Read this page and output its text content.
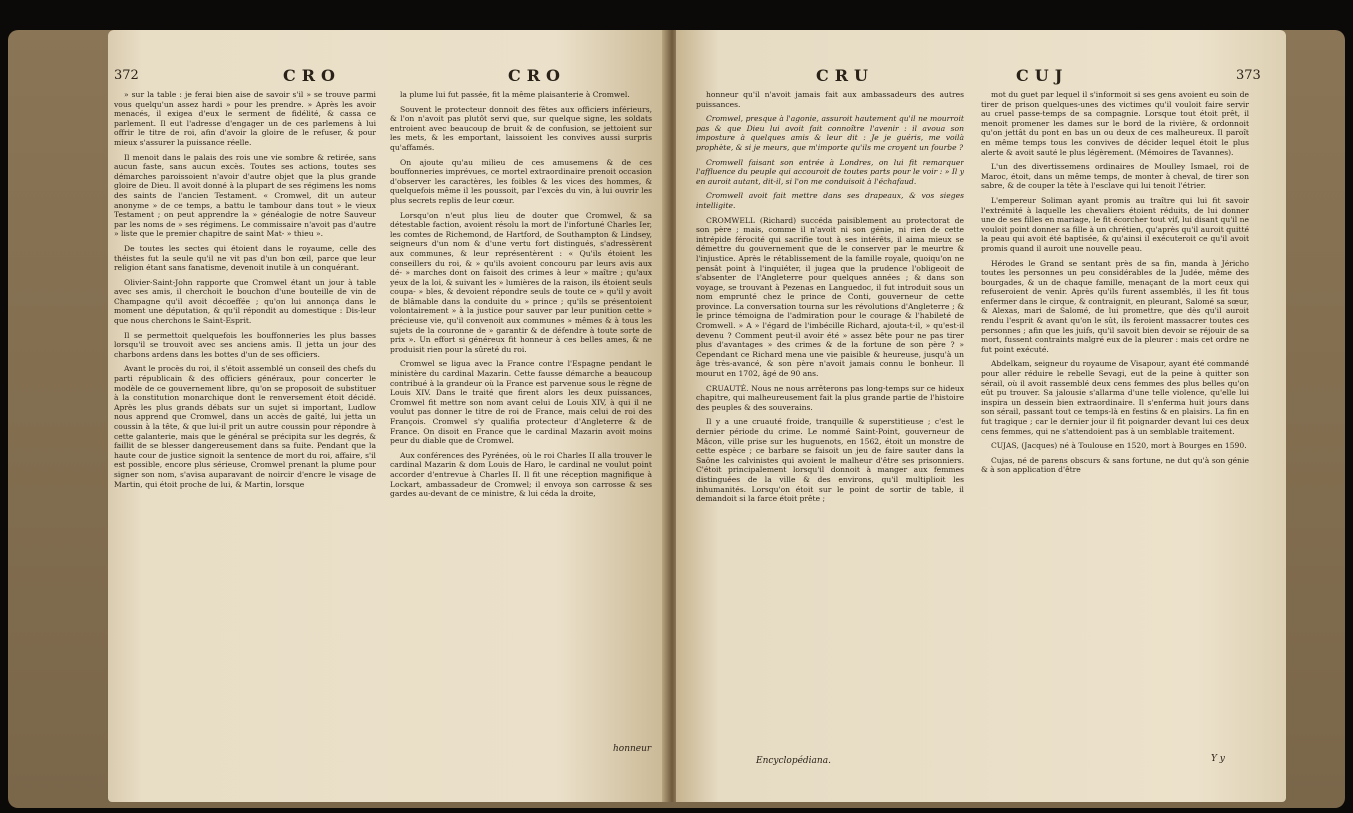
372	CRO	CRO

» sur la table : je ferai bien aise de savoir s'il » se trouve parmi vous quelqu'un assez hardi » pour les prendre. » Après les avoir menacés, il exigea d'eux le serment de fidélité, & cassa ce parlement. Il eut l'adresse d'engager un de ces parlemens à lui offrir le titre de roi, afin d'avoir la gloire de le refuser, & pour mieux s'assurer la puissance réelle.

Il menoit dans le palais des rois une vie sombre & retirée, sans aucun faste, sans aucun excès. Toutes ses actions, toutes ses démarches paroissoient n'avoir d'autre objet que la plus grande gloire de Dieu. Il avoit donné à la plupart de ses régimens les noms des saints de l'ancien Testament. « Cromwel, dit un auteur anonyme » de ce temps, a battu le tambour dans tout » le vieux Testament ; on peut apprendre la » généalogie de notre Sauveur par les noms de » ses régimens. Le commissaire n'avoit pas d'autre » liste que le premier chapitre de saint Mat- » thieu ».

De toutes les sectes qui étoient dans le royaume, celle des théistes fut la seule qu'il ne vit pas d'un bon œil, parce que leur religion étant sans fanatisme, devenoit inutile à un conquérant.

Olivier-Saint-John rapporte que Cromwel étant un jour à table avec ses amis, il cherchoit le bouchon d'une bouteille de vin de Champagne qu'il avoit décoeffée ; qu'on lui annonça dans le moment une députation, & qu'il répondit au domestique : Dis-leur que nous cherchons le Saint-Esprit.

Il se permettoit quelquefois les bouffonneries les plus basses lorsqu'il se trouvoit avec ses anciens amis. Il jetta un jour des charbons ardens dans les bottes d'un de ses officiers.

Avant le procès du roi, il s'étoit assemblé un conseil des chefs du parti républicain & des officiers généraux, pour concerter le modèle de ce gouvernement libre, qu'on se proposoit de substituer à la constitution monarchique dont le renversement étoit décidé. Après les plus grands débats sur un sujet si important, Ludlow nous apprend que Cromwel, dans un accès de gaîté, lui jetta un coussin à la tête, & que lui-il prit un autre coussin pour répondre à cette galanterie, mais que le général se précipita sur les degrés, & faillit de se blesser dangereusement dans sa fuite. Pendant que la haute cour de justice signoit la sentence de mort du roi, affaire, s'il est possible, encore plus sérieuse, Cromwel prenant la plume pour signer son nom, s'avisa auparavant de noircir d'encre le visage de Martin, qui étoit proche de lui, & Martin, lorsque

la plume lui fut passée, fit la même plaisanterie à Cromwel.

Souvent le protecteur donnoit des fêtes aux officiers inférieurs, & l'on n'avoit pas plutôt servi que, sur quelque signe, les soldats entroient avec beaucoup de bruit & de confusion, se jettoient sur les mets, & les emportant, laissoient les convives aussi surpris qu'affamés.

On ajoute qu'au milieu de ces amusemens & de ces bouffonneries imprévues, ce mortel extraordinaire prenoit occasion d'observer les caractères, les foibles & les vices des hommes, & quelquefois même il les poussoit, par l'excès du vin, à lui ouvrir les plus secrets replis de leur cœur.

Lorsqu'on n'eut plus lieu de douter que Cromwel, & sa détestable faction, avoient résolu la mort de l'infortuné Charles Ier, les comtes de Richemond, de Hartford, de Southampton & Lindsey, seigneurs d'un nom & d'une vertu fort distingués, s'adressèrent aux communes, & leur représentèrent : « Qu'ils étoient les conseillers du roi, & » qu'ils avoient concouru par leurs avis aux dé- » marches dont on faisoit des crimes à leur » maître ; qu'aux yeux de la loi, & suivant les » lumières de la raison, ils étoient seuls coupa- » bles, & devoient répondre seuls de toute ce » qu'il y avoit de blâmable dans la conduite du » prince ; qu'ils se présentoient volontairement » à la justice pour sauver par leur punition cette » précieuse vie, qu'il convenoit aux communes » mêmes & à tous les sujets de la couronne de » garantir & de défendre à toute sorte de prix ». Un effort si généreux fit honneur à ces belles ames, & ne produisit rien pour la sûreté du roi.

Cromwel se ligua avec la France contre l'Espagne pendant le ministère du cardinal Mazarin. Cette fausse démarche a beaucoup contribué à la grandeur où la France est parvenue sous le règne de Louis XIV. Dans le traité que firent alors les deux puissances, Cromwel fit mettre son nom avant celui de Louis XIV, à qui il ne voulut pas donner le titre de roi de France, mais celui de roi des François. Cromwel s'y qualifia protecteur d'Angleterre & de France. On disoit en France que le cardinal Mazarin avoit moins peur du diable que de Cromwel.

Aux conférences des Pyrénées, où le roi Charles II alla trouver le cardinal Mazarin & dom Louis de Haro, le cardinal ne voulut point accorder d'entrevue à Charles II. Il fit une réception magnifique à Lockart, ambassadeur de Cromwel; il envoya son carrosse & ses gardes au-devant de ce ministre, & lui céda la droite,

honneur
CRU	CUJ	373

honneur qu'il n'avoit jamais fait aux ambassadeurs des autres puissances.

Cromwel, presque à l'agonie, assuroit hautement qu'il ne mourroit pas & que Dieu lui avoit fait connoître l'avenir : il avoua son imposture à quelques amis & leur dit : Je je guéris, me voilà prophète, & si je meurs, que m'importe qu'ils me croyent un fourbe ?

Cromwell faisant son entrée à Londres, on lui fit remarquer l'affluence du peuple qui accouroit de toutes parts pour le voir : » Il y en auroit autant, dit-il, si l'on me conduisoit à l'échafaud.

Cromwell avoit fait mettre dans ses drapeaux, & vos sieges intelligite.

CROMWELL (Richard) succéda paisiblement au protectorat de son père ; mais, comme il n'avoit ni son génie, ni rien de cette intrépide férocité qui sacrifie tout à ses intérêts, il aima mieux se démettre du gouvernement que de le conserver par le meurtre & l'injustice. Après le rétablissement de la famille royale, quoiqu'on ne pensât point à l'inquiéter, il jugea que la prudence l'obligeoit de s'absenter de l'Angleterre pour quelques années ; & dans son voyage, se trouvant à Pezenas en Languedoc, il fut introduit sous un nom emprunté chez le prince de Conti, gouverneur de cette province. La conversation tourna sur les révolutions d'Angleterre ; & le prince témoigna de l'admiration pour le courage & l'habileté de Cromwell. » A » l'égard de l'imbécille Richard, ajouta-t-il, » qu'est-il devenu ? Comment peut-il avoir été » assez bête pour ne pas tirer plus d'avantages » des crimes & de la fortune de son père ? » Cependant ce Richard mena une vie paisible & heureuse, jusqu'à un âge très-avancé, & son père n'avoit jamais connu le bonheur. Il mourut en 1702, âgé de 90 ans.

CRUAUTÉ. Nous ne nous arrêterons pas long-temps sur ce hideux chapitre, qui malheureusement fait la plus grande partie de l'histoire des peuples & des souverains.

Il y a une cruauté froide, tranquille & superstitieuse ; c'est le dernier période du crime. Le nommé Saint-Point, gouverneur de Mâcon, ville prise sur les huguenots, en 1562, étoit un monstre de cette espèce ; ce barbare se faisoit un jeu de faire sauter dans la Saône les calvinistes qui avoient le malheur d'être ses prisonniers. C'étoit principalement lorsqu'il donnoit à manger aux femmes distinguées de la ville & des environs, qu'il multiplioit les inhumanités. Lorsqu'on étoit sur le point de sortir de table, il demandoit si la farce étoit prête ;

mot du guet par lequel il s'informoit si ses gens avoient eu soin de tirer de prison quelques-unes des victimes qu'il vouloit faire servir au cruel passe-temps de sa compagnie. Lorsque tout étoit prêt, il menoit promener les dames sur le bord de la rivière, & ordonnoit qu'on jettât du pont en bas un ou deux de ces malheureux. Il paroît en même temps tous les convives de décider lequel étoit le plus alerte & avoit sauté le plus légèrement. (Mémoires de Tavannes).

L'un des divertissemens ordinaires de Moulley Ismael, roi de Maroc, étoit, dans un même temps, de monter à cheval, de tirer son sabre, & de couper la tête à l'esclave qui lui tenoit l'étrier.

L'empereur Soliman ayant promis au traître qui lui fit savoir l'extrémité à laquelle les chevaliers étoient réduits, de lui donner une de ses filles en mariage, le fit écorcher tout vif, lui disant qu'il ne vouloit point donner sa fille à un chrétien, qu'après qu'il auroit quitté la peau qui avoit été baptisée, & qu'ainsi il exécuteroit ce qu'il avoit promis quand il auroit une nouvelle peau.

Hérodes le Grand se sentant près de sa fin, manda à Jéricho toutes les personnes un peu considérables de la Judée, même des bourgades, & un de chaque famille, menaçant de la mort ceux qui refuseroient de venir. Après qu'ils furent assemblés, il les fit tous enfermer dans le cirque, & contraignit, en pleurant, Salomé sa sœur, & Alexas, mari de Salomé, de lui promettre, que dès qu'il auroit rendu l'esprit & avant qu'on le sût, ils feroient massacrer toutes ces personnes ; afin que les juifs, qu'il savoit bien devoir se réjouir de sa mort, fussent contraints malgré eux de la pleurer : mais cet ordre ne fut point exécuté.

Abdelkam, seigneur du royaume de Visapour, ayant été commandé pour aller réduire le rebelle Sevagi, eut de la peine à quitter son sérail, où il avoit rassemblé deux cens femmes des plus belles qu'on eût pu trouver. Sa jalousie s'allarma d'une telle violence, qu'elle lui inspira un dessein bien extraordinaire. Il s'enferma huit jours dans son sérail, passant tout ce temps-là en festins & en plaisirs. La fin en fut tragique ; car le dernier jour il fit poignarder devant lui ces deux cens femmes, qui ne s'attendoient pas à un semblable traitement.

CUJAS, (Jacques) né à Toulouse en 1520, mort à Bourges en 1590.

Cujas, né de parens obscurs & sans fortune, ne dut qu'à son génie & à son application d'être

Encyclopédiana.	Y y
